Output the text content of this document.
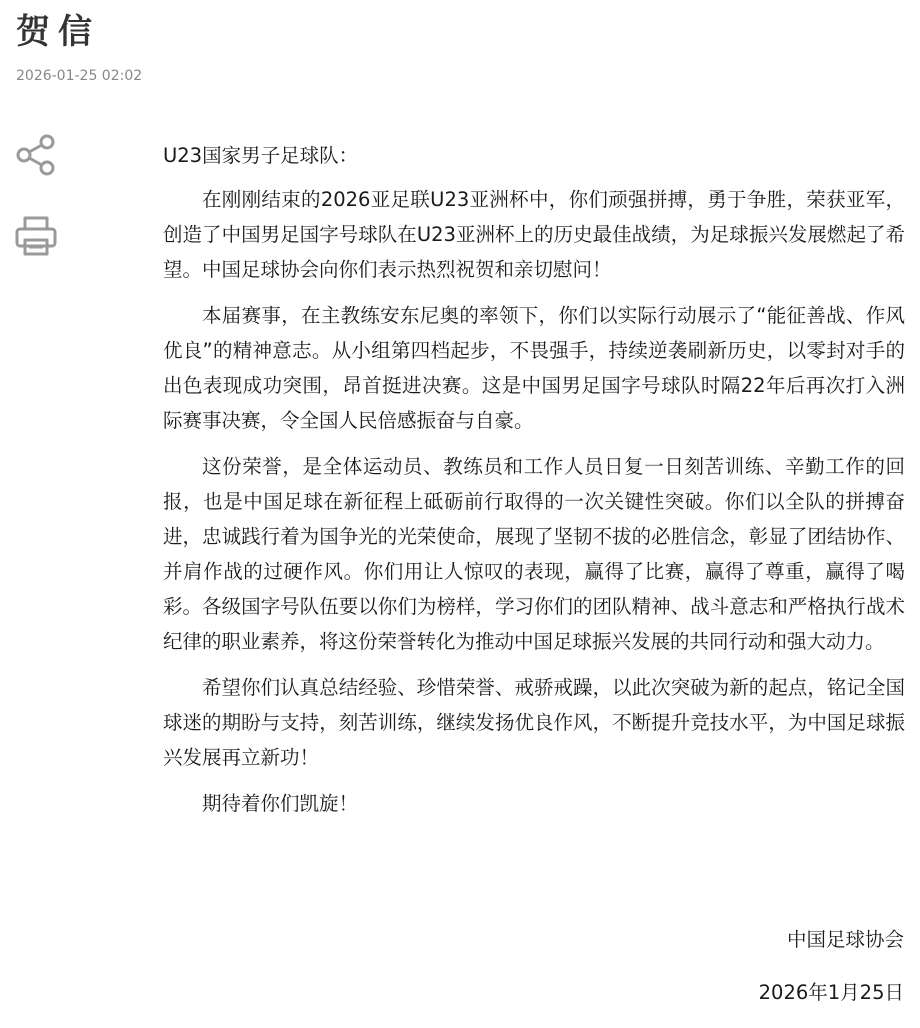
贺信
2026-01-25 02:02

U23国家男子足球队：

在刚刚结束的2026亚足联U23亚洲杯中，你们顽强拼搏，勇于争胜，荣获亚军，创造了中国男足国字号球队在U23亚洲杯上的历史最佳战绩，为足球振兴发展燃起了希望。中国足球协会向你们表示热烈祝贺和亲切慰问！

本届赛事，在主教练安东尼奥的率领下，你们以实际行动展示了“能征善战、作风优良”的精神意志。从小组第四档起步，不畏强手，持续逆袭刷新历史，以零封对手的出色表现成功突围，昂首挺进决赛。这是中国男足国字号球队时隔22年后再次打入洲际赛事决赛，令全国人民倍感振奋与自豪。

这份荣誉，是全体运动员、教练员和工作人员日复一日刻苦训练、辛勤工作的回报，也是中国足球在新征程上砥砺前行取得的一次关键性突破。你们以全队的拼搏奋进，忠诚践行着为国争光的光荣使命，展现了坚韧不拔的必胜信念，彰显了团结协作、并肩作战的过硬作风。你们用让人惊叹的表现，赢得了比赛，赢得了尊重，赢得了喝彩。各级国字号队伍要以你们为榜样，学习你们的团队精神、战斗意志和严格执行战术纪律的职业素养，将这份荣誉转化为推动中国足球振兴发展的共同行动和强大动力。

希望你们认真总结经验、珍惜荣誉、戒骄戒躁，以此次突破为新的起点，铭记全国球迷的期盼与支持，刻苦训练，继续发扬优良作风，不断提升竞技水平，为中国足球振兴发展再立新功！

期待着你们凯旋！

中国足球协会
2026年1月25日
